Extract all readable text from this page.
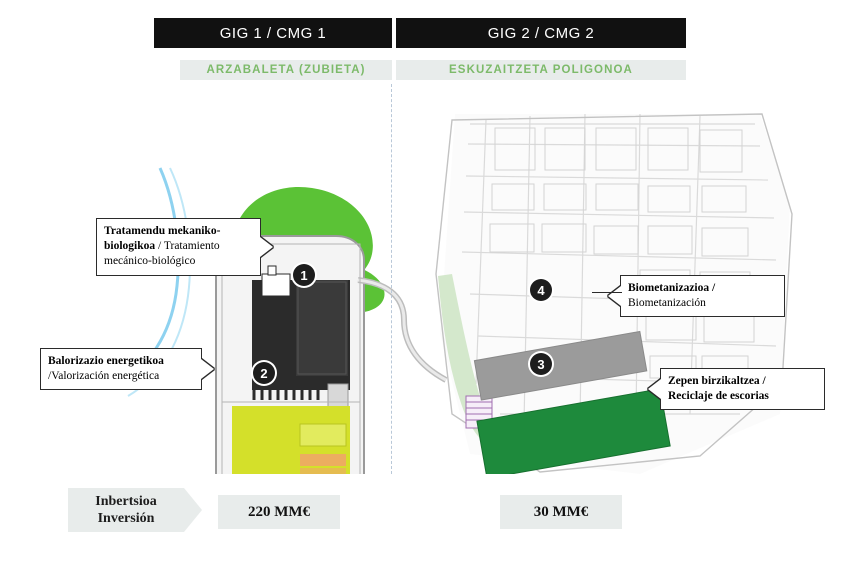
GIG 1 / CMG 1	GIG 2 / CMG 2
ARZABALETA (ZUBIETA)	ESKUZAITZETA POLIGONOA
1
2
3
4
Tratamendu mekaniko-
biologikoa / Tratamiento
mecánico-biológico
Balorizazio energetikoa
/Valorización energética
Biometanizazioa /
Biometanización
Zepen birzikaltzea /
Reciclaje de escorias
Inbertsioa
Inversión	220 MM€	30 MM€
